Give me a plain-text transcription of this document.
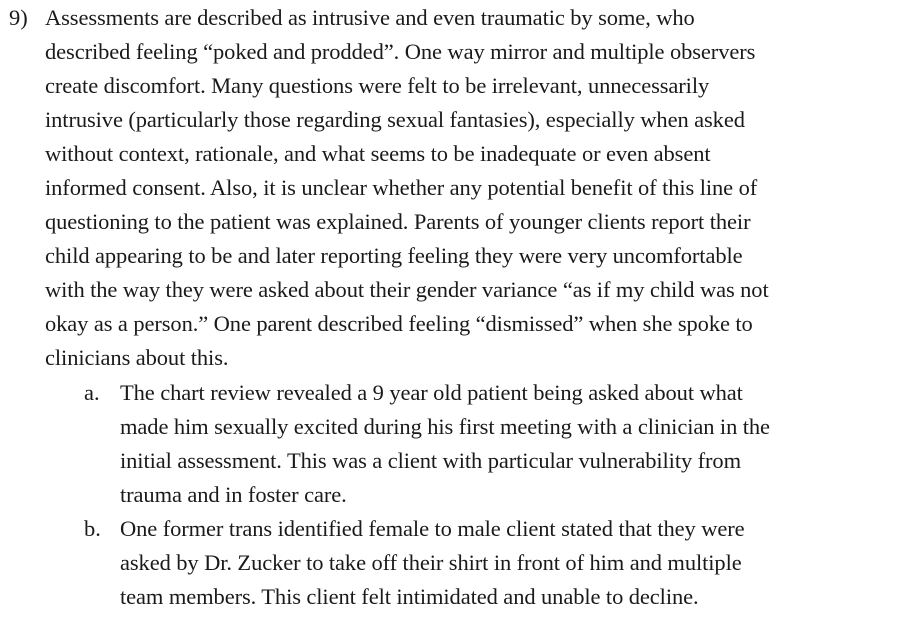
9) Assessments are described as intrusive and even traumatic by some, who
described feeling “poked and prodded”. One way mirror and multiple observers
create discomfort. Many questions were felt to be irrelevant, unnecessarily
intrusive (particularly those regarding sexual fantasies), especially when asked
without context, rationale, and what seems to be inadequate or even absent
informed consent. Also, it is unclear whether any potential benefit of this line of
questioning to the patient was explained. Parents of younger clients report their
child appearing to be and later reporting feeling they were very uncomfortable
with the way they were asked about their gender variance “as if my child was not
okay as a person.” One parent described feeling “dismissed” when she spoke to
clinicians about this.
a. The chart review revealed a 9 year old patient being asked about what
made him sexually excited during his first meeting with a clinician in the
initial assessment. This was a client with particular vulnerability from
trauma and in foster care.
b. One former trans identified female to male client stated that they were
asked by Dr. Zucker to take off their shirt in front of him and multiple
team members. This client felt intimidated and unable to decline.
